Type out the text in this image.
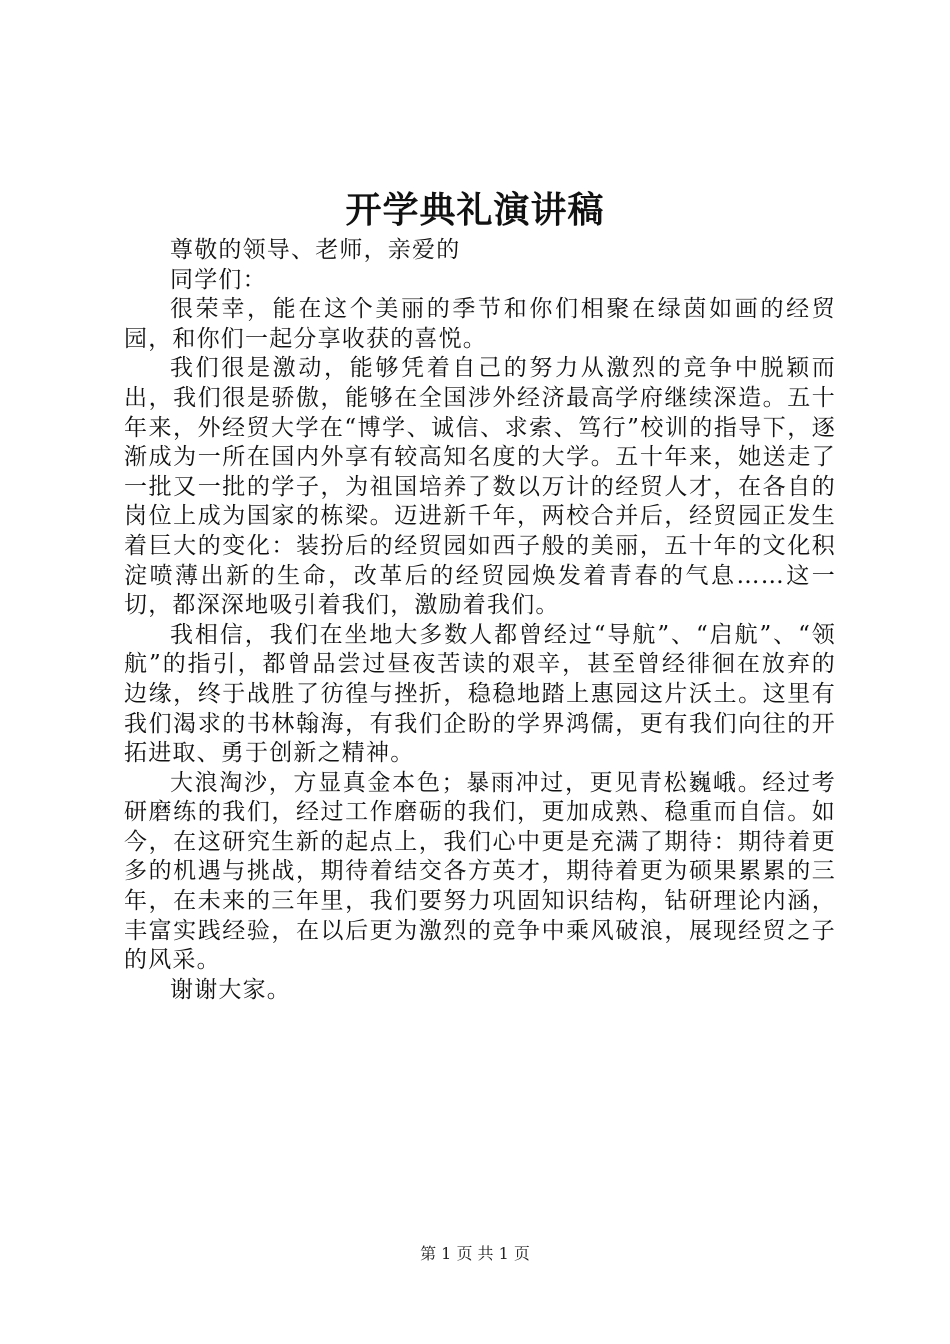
开学典礼演讲稿

尊敬的领导、老师，亲爱的

同学们：

很荣幸，能在这个美丽的季节和你们相聚在绿茵如画的经贸园，和你们一起分享收获的喜悦。

我们很是激动，能够凭着自己的努力从激烈的竞争中脱颖而出，我们很是骄傲，能够在全国涉外经济最高学府继续深造。五十年来，外经贸大学在“博学、诚信、求索、笃行”校训的指导下，逐渐成为一所在国内外享有较高知名度的大学。五十年来，她送走了一批又一批的学子，为祖国培养了数以万计的经贸人才，在各自的岗位上成为国家的栋梁。迈进新千年，两校合并后，经贸园正发生着巨大的变化：装扮后的经贸园如西子般的美丽，五十年的文化积淀喷薄出新的生命，改革后的经贸园焕发着青春的气息……这一切，都深深地吸引着我们，激励着我们。

我相信，我们在坐地大多数人都曾经过“导航”、“启航”、“领航”的指引，都曾品尝过昼夜苦读的艰辛，甚至曾经徘徊在放弃的边缘，终于战胜了彷徨与挫折，稳稳地踏上惠园这片沃土。这里有我们渴求的书林翰海，有我们企盼的学界鸿儒，更有我们向往的开拓进取、勇于创新之精神。

大浪淘沙，方显真金本色；暴雨冲过，更见青松巍峨。经过考研磨练的我们，经过工作磨砺的我们，更加成熟、稳重而自信。如今，在这研究生新的起点上，我们心中更是充满了期待：期待着更多的机遇与挑战，期待着结交各方英才，期待着更为硕果累累的三年，在未来的三年里，我们要努力巩固知识结构，钻研理论内涵，丰富实践经验，在以后更为激烈的竞争中乘风破浪，展现经贸之子的风采。

谢谢大家。

第 1 页 共 1 页
